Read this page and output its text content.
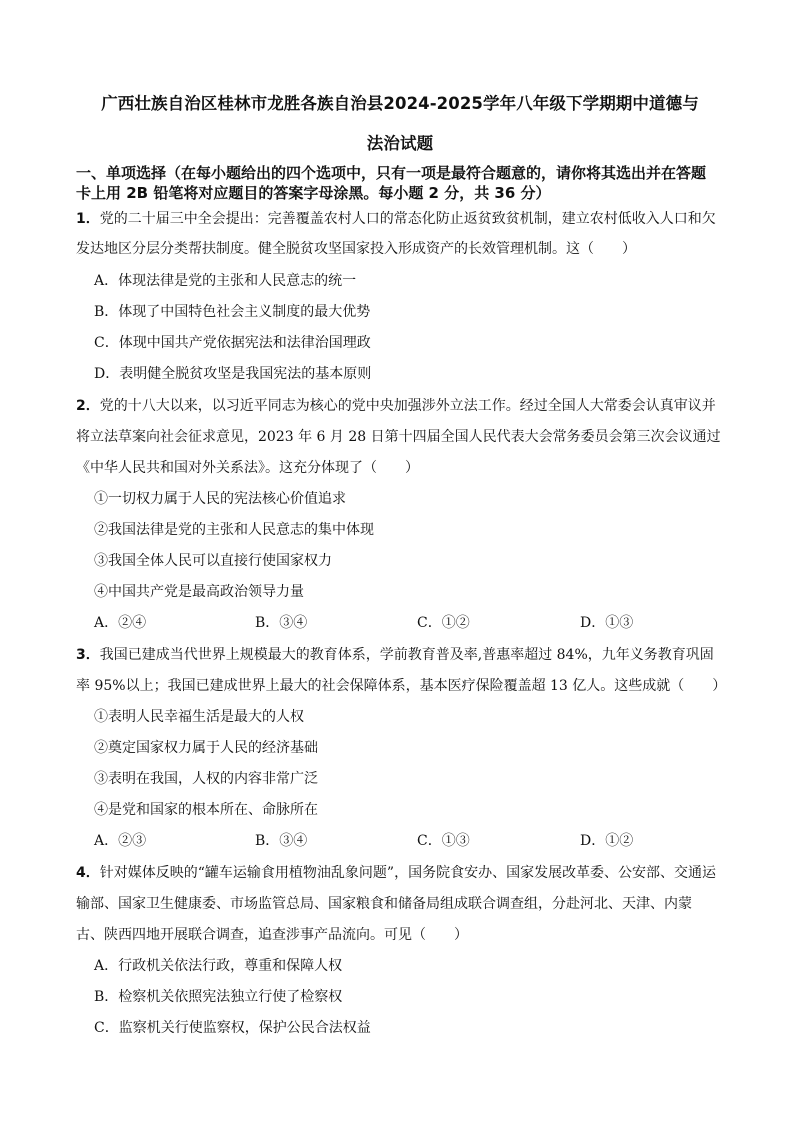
广西壮族自治区桂林市龙胜各族自治县2024-2025学年八年级下学期期中道德与
法治试题
一、单项选择（在每小题给出的四个选项中，只有一项是最符合题意的，请你将其选出并在答题
卡上用 2B 铅笔将对应题目的答案字母涂黑。每小题 2 分，共 36 分）
1．党的二十届三中全会提出：完善覆盖农村人口的常态化防止返贫致贫机制，建立农村低收入人口和欠
发达地区分层分类帮扶制度。健全脱贫攻坚国家投入形成资产的长效管理机制。这（　　）
A．体现法律是党的主张和人民意志的统一
B．体现了中国特色社会主义制度的最大优势
C．体现中国共产党依据宪法和法律治国理政
D．表明健全脱贫攻坚是我国宪法的基本原则
2．党的十八大以来，以习近平同志为核心的党中央加强涉外立法工作。经过全国人大常委会认真审议并
将立法草案向社会征求意见，2023 年 6 月 28 日第十四届全国人民代表大会常务委员会第三次会议通过
《中华人民共和国对外关系法》。这充分体现了（　　）
①一切权力属于人民的宪法核心价值追求
②我国法律是党的主张和人民意志的集中体现
③我国全体人民可以直接行使国家权力
④中国共产党是最高政治领导力量
A．②④	B．③④	C．①②	D．①③
3．我国已建成当代世界上规模最大的教育体系，学前教育普及率,普惠率超过 84%，九年义务教育巩固
率 95%以上；我国已建成世界上最大的社会保障体系，基本医疗保险覆盖超 13 亿人。这些成就（　　）
①表明人民幸福生活是最大的人权
②奠定国家权力属于人民的经济基础
③表明在我国，人权的内容非常广泛
④是党和国家的根本所在、命脉所在
A．②③	B．③④	C．①③	D．①②
4．针对媒体反映的“罐车运输食用植物油乱象问题”，国务院食安办、国家发展改革委、公安部、交通运
输部、国家卫生健康委、市场监管总局、国家粮食和储备局组成联合调查组，分赴河北、天津、内蒙
古、陕西四地开展联合调查，追查涉事产品流向。可见（　　）
A．行政机关依法行政，尊重和保障人权
B．检察机关依照宪法独立行使了检察权
C．监察机关行使监察权，保护公民合法权益
